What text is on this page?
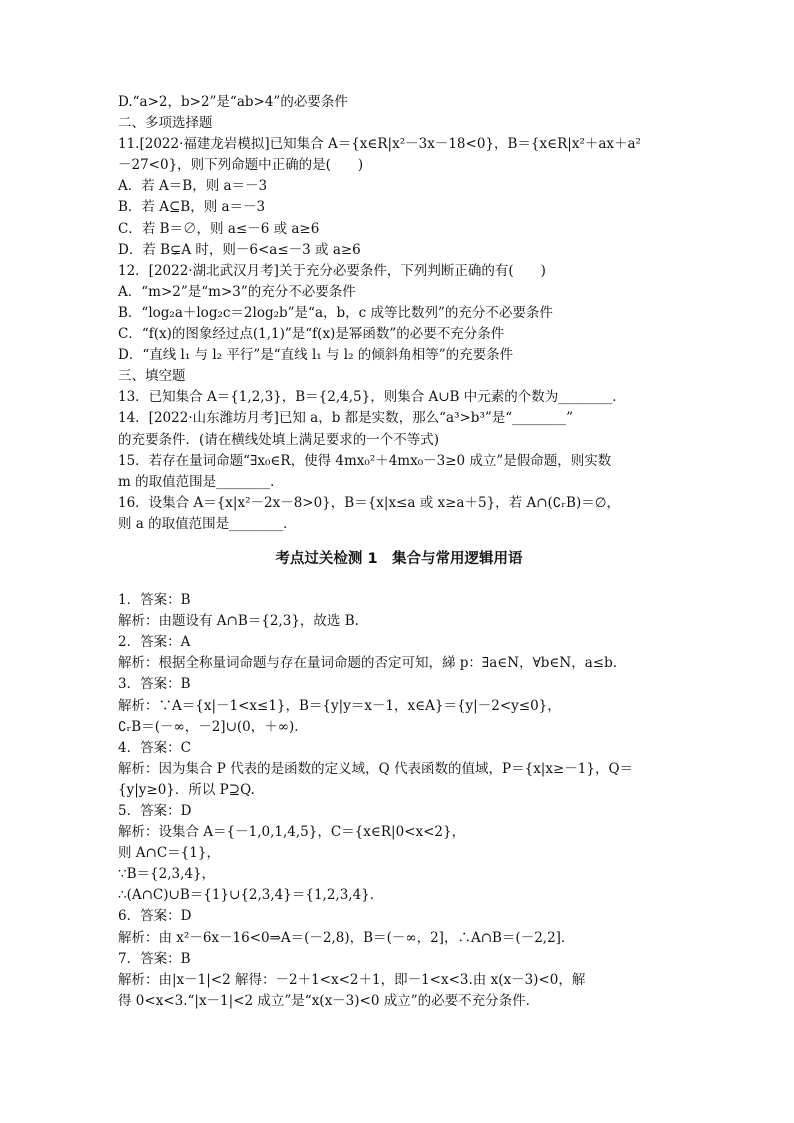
D.“a>2，b>2”是“ab>4”的必要条件
二、多项选择题
11.[2022·福建龙岩模拟]已知集合 A＝{x∈R|x²－3x－18<0}，B＝{x∈R|x²＋ax＋a²
－27<0}，则下列命题中正确的是(　　)
A．若 A＝B，则 a＝－3
B．若 A⊆B，则 a＝－3
C．若 B＝∅，则 a≤－6 或 a≥6
D．若 B⊊A 时，则－6<a≤－3 或 a≥6
12．[2022·湖北武汉月考]关于充分必要条件，下列判断正确的有(　　)
A．“m>2”是“m>3”的充分不必要条件
B．“log₂a＋log₂c＝2log₂b”是“a，b，c 成等比数列”的充分不必要条件
C．“f(x)的图象经过点(1,1)”是“f(x)是幂函数”的必要不充分条件
D．“直线 l₁ 与 l₂ 平行”是“直线 l₁ 与 l₂ 的倾斜角相等”的充要条件
三、填空题
13．已知集合 A＝{1,2,3}，B＝{2,4,5}，则集合 A∪B 中元素的个数为________．
14．[2022·山东潍坊月考]已知 a，b 都是实数，那么“a³>b³”是“________”
的充要条件．(请在横线处填上满足要求的一个不等式)
15．若存在量词命题“∃x₀∈R，使得 4mx₀²＋4mx₀－3≥0 成立”是假命题，则实数
m 的取值范围是________．
16．设集合 A＝{x|x²－2x－8>0}，B＝{x|x≤a 或 x≥a＋5}，若 A∩(∁ᵣB)＝∅，
则 a 的取值范围是________．
考点过关检测 1　集合与常用逻辑用语
1．答案：B
解析：由题设有 A∩B＝{2,3}，故选 B.
2．答案：A
解析：根据全称量词命题与存在量词命题的否定可知，綈 p：∃a∈N，∀b∈N，a≤b.
3．答案：B
解析：∵A＝{x|－1<x≤1}，B＝{y|y＝x－1，x∈A}＝{y|－2<y≤0}，
∁ᵣB＝(－∞，－2]∪(0，＋∞)．
4．答案：C
解析：因为集合 P 代表的是函数的定义域，Q 代表函数的值域，P＝{x|x≥－1}，Q＝
{y|y≥0}．所以 P⊇Q.
5．答案：D
解析：设集合 A＝{－1,0,1,4,5}，C＝{x∈R|0<x<2}，
则 A∩C＝{1}，
∵B＝{2,3,4}，
∴(A∩C)∪B＝{1}∪{2,3,4}＝{1,2,3,4}．
6．答案：D
解析：由 x²－6x－16<0⇒A＝(－2,8)，B＝(－∞，2]，∴A∩B＝(－2,2]．
7．答案：B
解析：由|x－1|<2 解得：－2＋1<x<2＋1，即－1<x<3.由 x(x－3)<0，解
得 0<x<3.“|x－1|<2 成立”是“x(x－3)<0 成立”的必要不充分条件．
